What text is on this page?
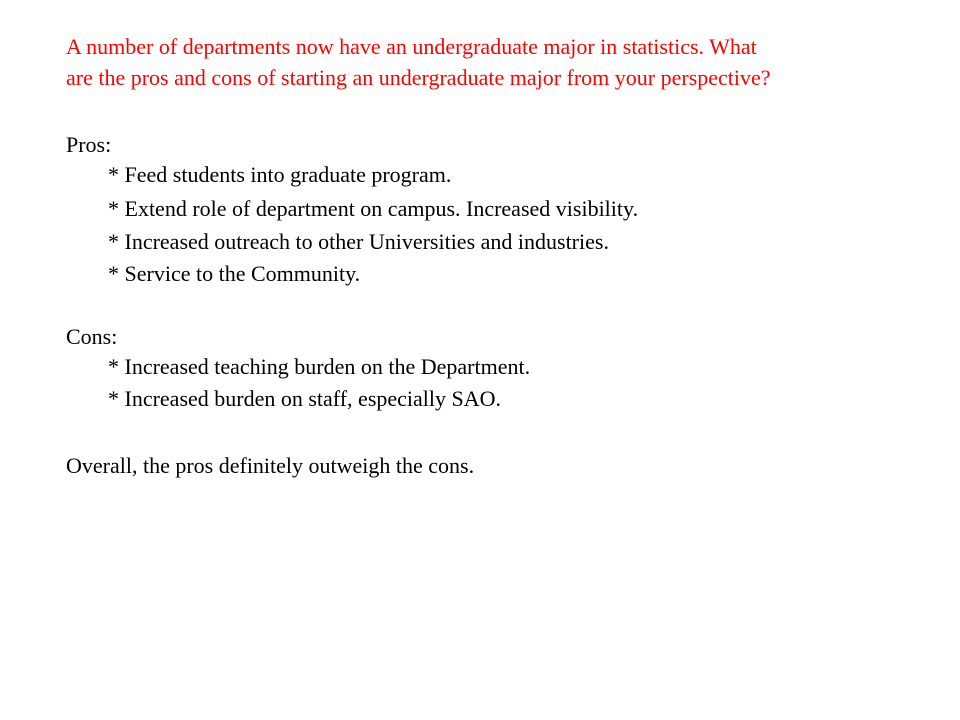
A number of departments now have an undergraduate major in statistics. What
are the pros and cons of starting an undergraduate major from your perspective?
Pros:
* Feed students into graduate program.
* Extend role of department on campus. Increased visibility.
* Increased outreach to other Universities and industries.
* Service to the Community.
Cons:
* Increased teaching burden on the Department.
* Increased burden on staff, especially SAO.
Overall, the pros definitely outweigh the cons.
